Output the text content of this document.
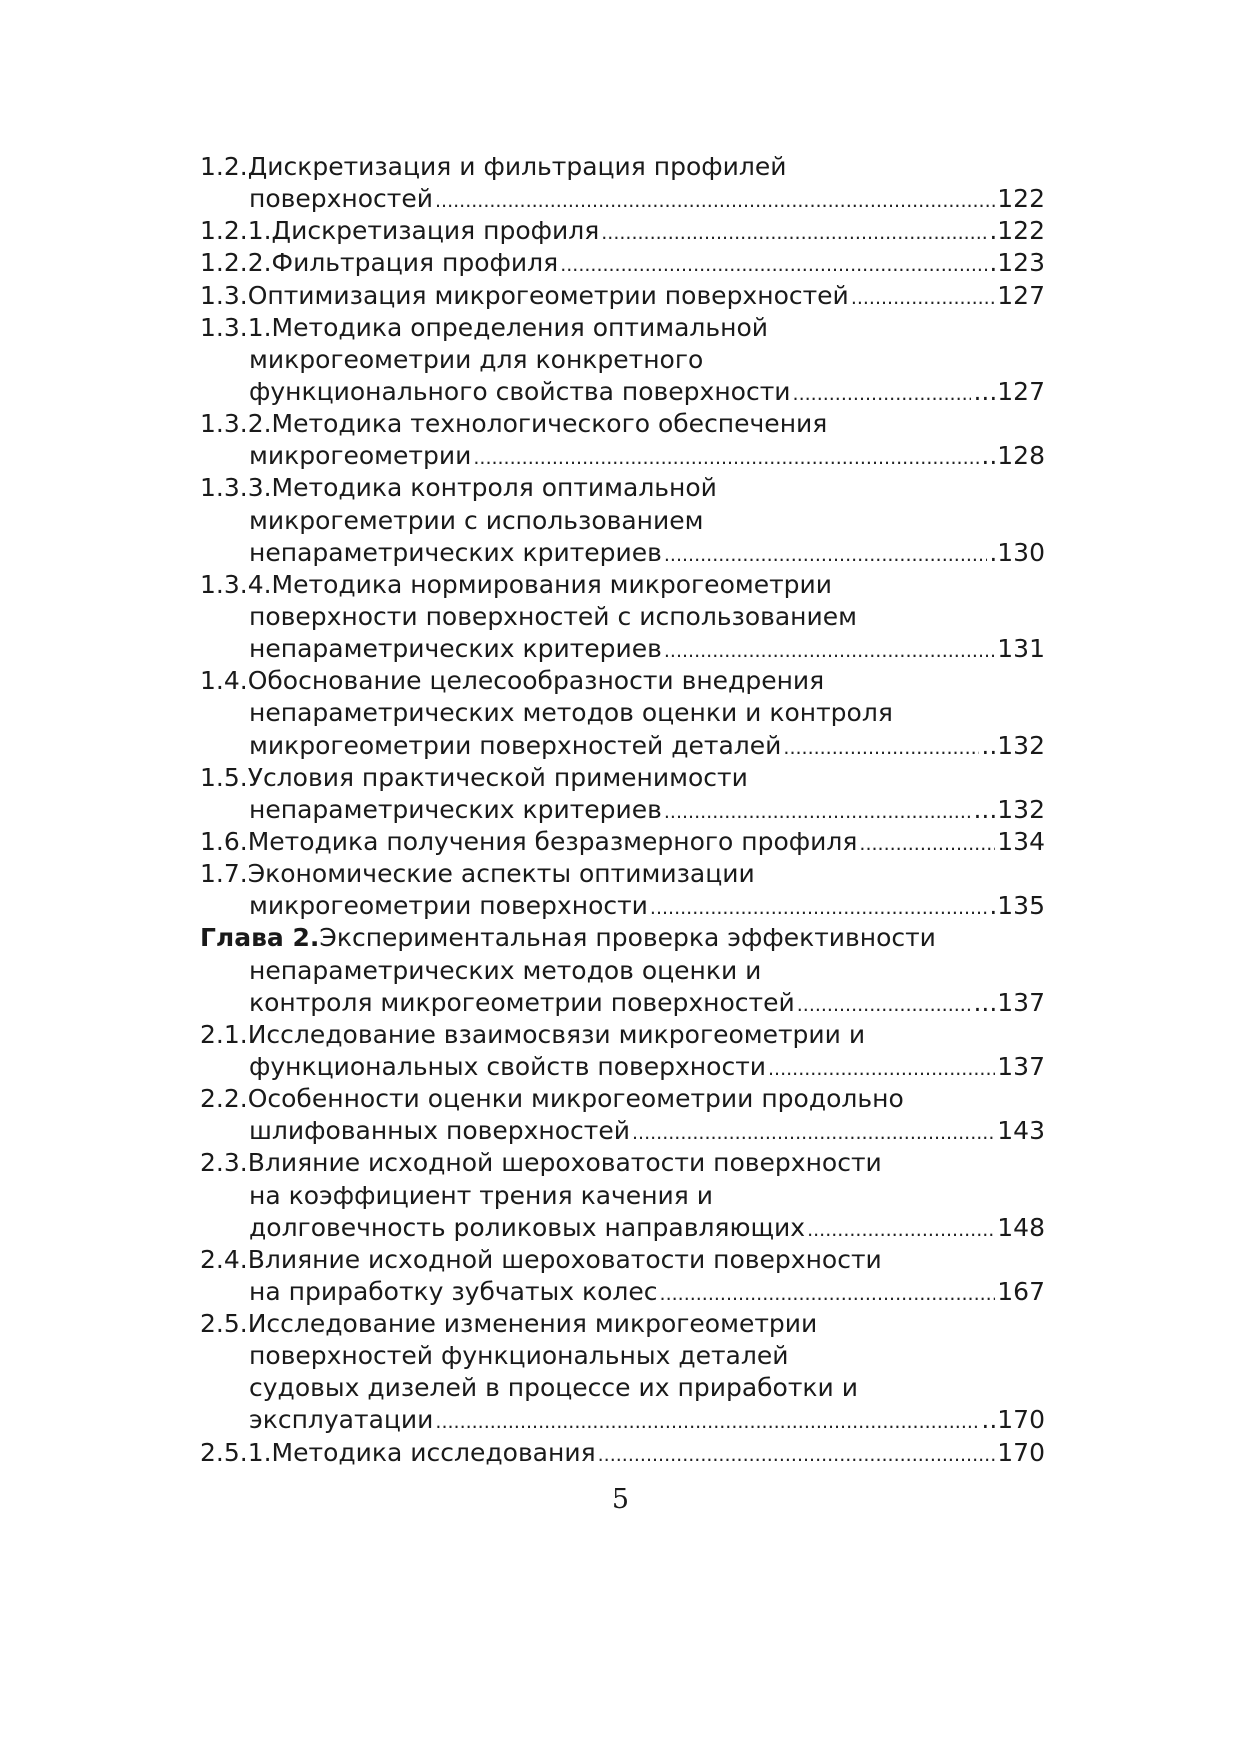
1.2.Дискретизация и фильтрация профилей
поверхностей .....	122
1.2.1.Дискретизация профиля .....	.122
1.2.2.Фильтрация профиля .....	.123
1.3.Оптимизация микрогеометрии поверхностей .....	127
1.3.1.Методика определения оптимальной
микрогеометрии для конкретного
функционального свойства поверхности .....	...127
1.3.2.Методика технологического обеспечения
микрогеометрии .....	..128
1.3.3.Методика контроля оптимальной
микрогеметрии с использованием
непараметрических критериев .....	.130
1.3.4.Методика нормирования микрогеометрии
поверхности поверхностей с использованием
непараметрических критериев .....	131
1.4.Обоснование целесообразности внедрения
непараметрических методов оценки и контроля
микрогеометрии поверхностей деталей .....	..132
1.5.Условия практической применимости
непараметрических критериев .....	...132
1.6.Методика получения безразмерного профиля .....	134
1.7.Экономические аспекты оптимизации
микрогеометрии поверхности .....	.135
Глава 2.Экспериментальная проверка эффективности
непараметрических методов оценки и
контроля микрогеометрии поверхностей .....	...137
2.1.Исследование взаимосвязи микрогеометрии и
функциональных свойств поверхности .....	137
2.2.Особенности оценки микрогеометрии продольно
шлифованных поверхностей .....	143
2.3.Влияние исходной шероховатости поверхности
на коэффициент трения качения и
долговечность роликовых направляющих .....	148
2.4.Влияние исходной шероховатости поверхности
на приработку зубчатых колес .....	167
2.5.Исследование изменения микрогеометрии
поверхностей функциональных деталей
судовых дизелей в процессе их приработки и
эксплуатации .....	..170
2.5.1.Методика исследования .....	170
5
